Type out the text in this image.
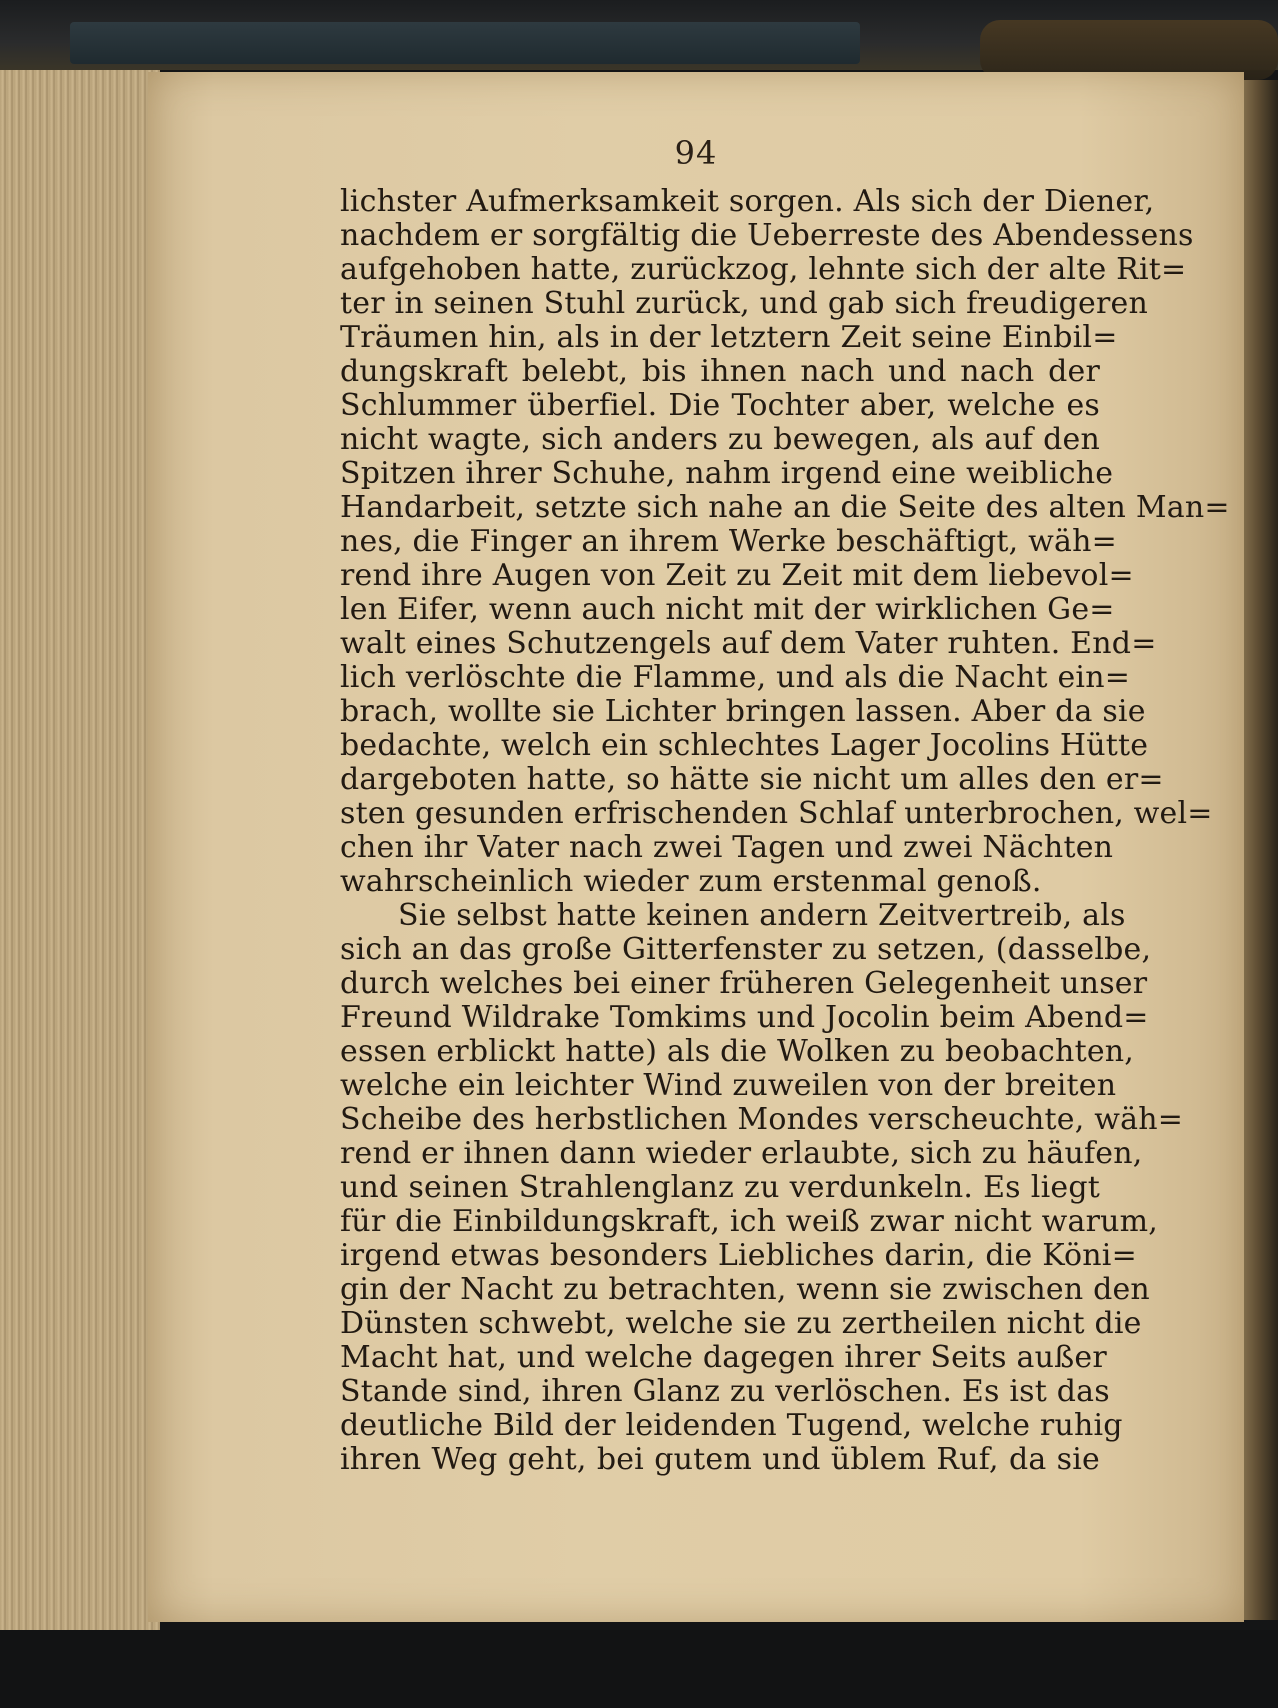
94
lichster Aufmerksamkeit sorgen. Als sich der Diener,
nachdem er sorgfältig die Ueberreste des Abendessens
aufgehoben hatte, zurückzog, lehnte sich der alte Rit=
ter in seinen Stuhl zurück, und gab sich freudigeren
Träumen hin, als in der letztern Zeit seine Einbil=
dungskraft belebt, bis ihnen nach und nach der
Schlummer überfiel. Die Tochter aber, welche es
nicht wagte, sich anders zu bewegen, als auf den
Spitzen ihrer Schuhe, nahm irgend eine weibliche
Handarbeit, setzte sich nahe an die Seite des alten Man=
nes, die Finger an ihrem Werke beschäftigt, wäh=
rend ihre Augen von Zeit zu Zeit mit dem liebevol=
len Eifer, wenn auch nicht mit der wirklichen Ge=
walt eines Schutzengels auf dem Vater ruhten. End=
lich verlöschte die Flamme, und als die Nacht ein=
brach, wollte sie Lichter bringen lassen. Aber da sie
bedachte, welch ein schlechtes Lager Jocolins Hütte
dargeboten hatte, so hätte sie nicht um alles den er=
sten gesunden erfrischenden Schlaf unterbrochen, wel=
chen ihr Vater nach zwei Tagen und zwei Nächten
wahrscheinlich wieder zum erstenmal genoß.
Sie selbst hatte keinen andern Zeitvertreib, als
sich an das große Gitterfenster zu setzen, (dasselbe,
durch welches bei einer früheren Gelegenheit unser
Freund Wildrake Tomkims und Jocolin beim Abend=
essen erblickt hatte) als die Wolken zu beobachten,
welche ein leichter Wind zuweilen von der breiten
Scheibe des herbstlichen Mondes verscheuchte, wäh=
rend er ihnen dann wieder erlaubte, sich zu häufen,
und seinen Strahlenglanz zu verdunkeln. Es liegt
für die Einbildungskraft, ich weiß zwar nicht warum,
irgend etwas besonders Liebliches darin, die Köni=
gin der Nacht zu betrachten, wenn sie zwischen den
Dünsten schwebt, welche sie zu zertheilen nicht die
Macht hat, und welche dagegen ihrer Seits außer
Stande sind, ihren Glanz zu verlöschen. Es ist das
deutliche Bild der leidenden Tugend, welche ruhig
ihren Weg geht, bei gutem und üblem Ruf, da sie
